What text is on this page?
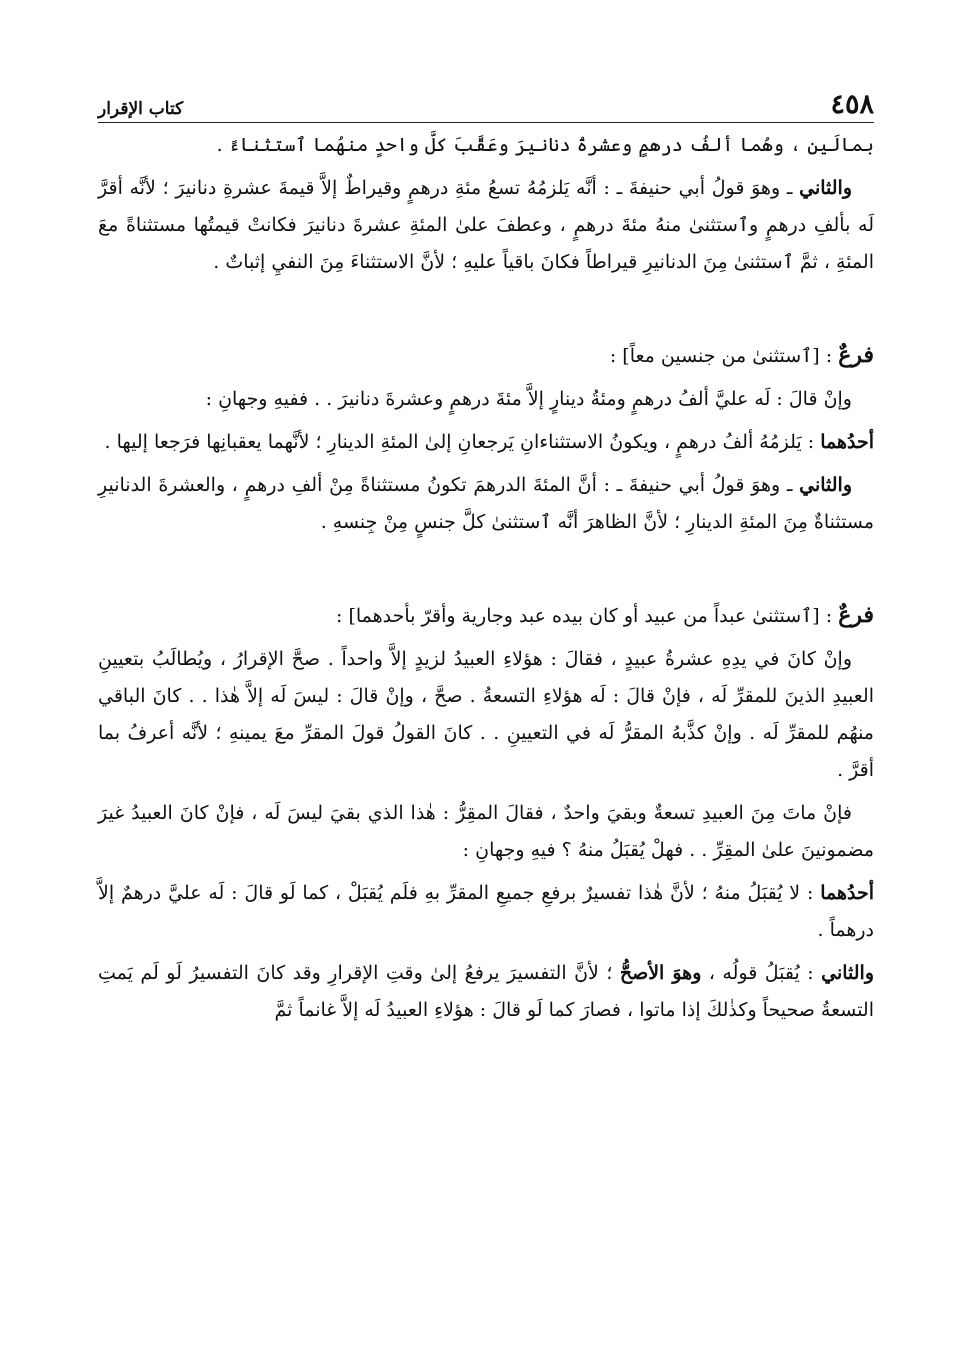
٤٥٨
كتاب الإقرار

بمالَين ، وهُما ألفُ درهمٍ وعشرةُ دنانيرَ وعَقَّبَ كلَّ واحدٍ منهُما ٱستثناءً .

والثاني ـ وهوَ قولُ أبي حنيفةَ ـ : أنَّه يَلزمُهُ تسعُ مئةِ درهمٍ وقيراطٌ إلاَّ قيمةَ عشرةِ دنانيرَ ؛ لأنَّه أقرَّ لَه بألفِ درهمٍ وٱستثنىٰ منهُ مئةَ درهمٍ ، وعطفَ علىٰ المئةِ عشرةَ دنانيرَ فكانتْ قيمتُها مستثناةً معَ المئةِ ، ثمَّ ٱستثنىٰ مِنَ الدنانيرِ قيراطاً فكانَ باقياً عليهِ ؛ لأنَّ الاستثناءَ مِنَ النفيِ إثباتٌ .

فرعٌ : [ٱستثنىٰ من جنسين معاً] :

وإنْ قالَ : لَه عليَّ ألفُ درهمٍ ومئةُ دينارٍ إلاَّ مئةَ درهمٍ وعشرةَ دنانيرَ . . ففيهِ وجهانِ :

أحدُهما : يَلزمُهُ ألفُ درهمٍ ، ويكونُ الاستثناءانِ يَرجعانِ إلىٰ المئةِ الدينارِ ؛ لأنَّهما يعقبانِها فرَجعا إليها .

والثاني ـ وهوَ قولُ أبي حنيفةَ ـ : أنَّ المئةَ الدرهمَ تكونُ مستثناةً مِنْ ألفِ درهمٍ ، والعشرةَ الدنانيرِ مستثناةٌ مِنَ المئةِ الدينارِ ؛ لأنَّ الظاهرَ أنَّه ٱستثنىٰ كلَّ جنسٍ مِنْ جِنسهِ .

فرعٌ : [ٱستثنىٰ عبداً من عبيد أو كان بيده عبد وجارية وأقرّ بأحدهما] :

وإنْ كانَ في يدِهِ عشرةُ عبيدٍ ، فقالَ : هؤلاءِ العبيدُ لزيدٍ إلاَّ واحداً . صحَّ الإقرارُ ، ويُطالَبُ بتعيينِ العبيدِ الذينَ للمقرِّ لَه ، فإنْ قالَ : لَه هؤلاءِ التسعةُ . صحَّ ، وإنْ قالَ : ليسَ لَه إلاَّ هٰذا . . كانَ الباقي منهُم للمقرِّ لَه . وإنْ كذَّبهُ المقرُّ لَه في التعيينِ . . كانَ القولُ قولَ المقرِّ معَ يمينهِ ؛ لأنَّه أعرفُ بما أقرَّ .

فإنْ ماتَ مِنَ العبيدِ تسعةٌ وبقيَ واحدٌ ، فقالَ المقِرُّ : هٰذا الذي بقيَ ليسَ لَه ، فإنْ كانَ العبيدُ غيرَ مضمونينَ علىٰ المقِرِّ . . فهلْ يُقبَلُ منهُ ؟ فيهِ وجهانِ :

أحدُهما : لا يُقبَلُ منهُ ؛ لأنَّ هٰذا تفسيرٌ برفعِ جميعِ المقرِّ بهِ فلَم يُقبَلْ ، كما لَو قالَ : لَه عليَّ درهمٌ إلاَّ درهماً .

والثاني : يُقبَلُ قولُه ، وهوَ الأصحُّ ؛ لأنَّ التفسيرَ يرفعُ إلىٰ وقتِ الإقرارِ وقد كانَ التفسيرُ لَو لَم يَمتِ التسعةُ صحيحاً وكذٰلكَ إذا ماتوا ، فصارَ كما لَو قالَ : هؤلاءِ العبيدُ لَه إلاَّ غانماً ثمَّ
